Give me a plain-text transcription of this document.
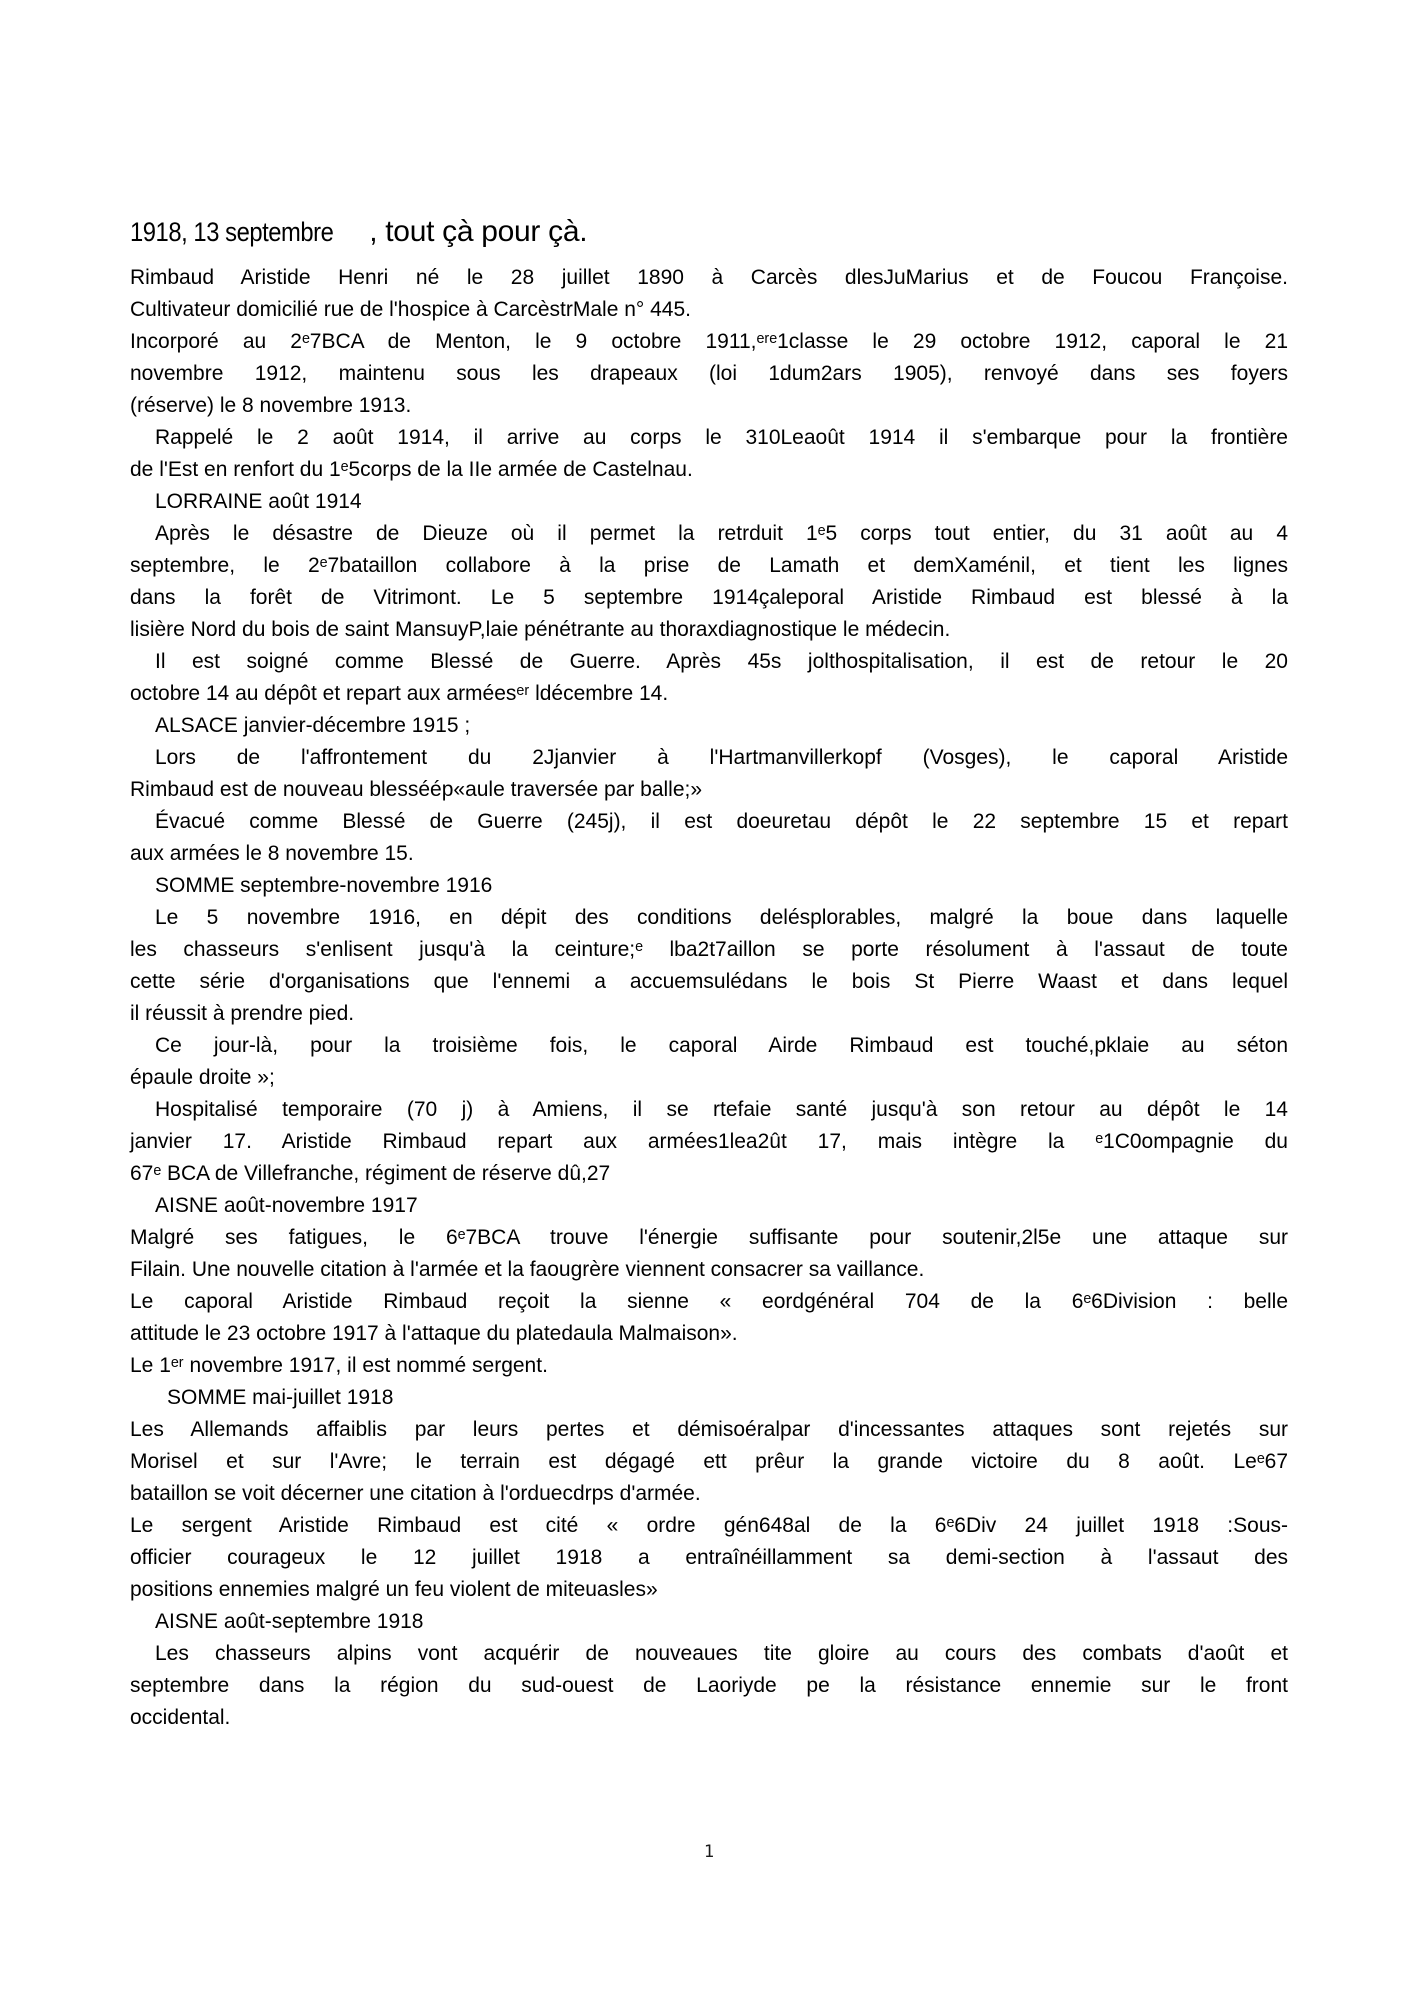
1918, 13 septembre , tout çà pour çà.
Rimbaud Aristide Henri né le 28 juillet 1890 à Carcès dlesJuMarius et de Foucou Françoise.
Cultivateur domicilié rue de l'hospice à CarcèstrMale n° 445.
Incorporé au 2ᵉ7BCA de Menton, le 9 octobre 1911,ᵉʳᵉ1classe le 29 octobre 1912, caporal le 21
novembre 1912, maintenu sous les drapeaux (loi 1dum2ars 1905), renvoyé dans ses foyers
(réserve) le 8 novembre 1913.
Rappelé le 2 août 1914, il arrive au corps le 310Leaoût 1914 il s'embarque pour la frontière
de l'Est en renfort du 1ᵉ5corps de la IIe armée de Castelnau.
LORRAINE août 1914
Après le désastre de Dieuze où il permet la retrduit 1ᵉ5 corps tout entier, du 31 août au 4
septembre, le 2ᵉ7bataillon collabore à la prise de Lamath et demXaménil, et tient les lignes
dans la forêt de Vitrimont. Le 5 septembre 1914çaleporal Aristide Rimbaud est blessé à la
lisière Nord du bois de saint MansuyP,laie pénétrante au thoraxdiagnostique le médecin.
Il est soigné comme Blessé de Guerre. Après 45s jolthospitalisation, il est de retour le 20
octobre 14 au dépôt et repart aux arméesᵉʳ ldécembre 14.
ALSACE janvier-décembre 1915 ;
Lors de l'affrontement du 2Jjanvier à l'Hartmanvillerkopf (Vosges), le caporal Aristide
Rimbaud est de nouveau blesséép«aule traversée par balle;»
Évacué comme Blessé de Guerre (245j), il est doeuretau dépôt le 22 septembre 15 et repart
aux armées le 8 novembre 15.
SOMME septembre-novembre 1916
Le 5 novembre 1916, en dépit des conditions delésplorables, malgré la boue dans laquelle
les chasseurs s'enlisent jusqu'à la ceinture;ᵉ lba2t7aillon se porte résolument à l'assaut de toute
cette série d'organisations que l'ennemi a accuemsulédans le bois St Pierre Waast et dans lequel
il réussit à prendre pied.
Ce jour-là, pour la troisième fois, le caporal Airde Rimbaud est touché,pklaie au séton
épaule droite »;
Hospitalisé temporaire (70 j) à Amiens, il se rtefaie santé jusqu'à son retour au dépôt le 14
janvier 17. Aristide Rimbaud repart aux armées1lea2ût 17, mais intègre la ᵉ1C0ompagnie du
67ᵉ BCA de Villefranche, régiment de réserve dû,27
AISNE août-novembre 1917
Malgré ses fatigues, le 6ᵉ7BCA trouve l'énergie suffisante pour soutenir,2l5e une attaque sur
Filain. Une nouvelle citation à l'armée et la faougrère viennent consacrer sa vaillance.
Le caporal Aristide Rimbaud reçoit la sienne « eordgénéral 704 de la 6ᵉ6Division : belle
attitude le 23 octobre 1917 à l'attaque du platedaula Malmaison».
Le 1ᵉʳ novembre 1917, il est nommé sergent.
SOMME mai-juillet 1918
Les Allemands affaiblis par leurs pertes et démisoéralpar d'incessantes attaques sont rejetés sur
Morisel et sur l'Avre; le terrain est dégagé ett prêur la grande victoire du 8 août. Leᵉ67
bataillon se voit décerner une citation à l'orduecdrps d'armée.
Le sergent Aristide Rimbaud est cité « ordre gén648al de la 6ᵉ6Div 24 juillet 1918 :Sous-
officier courageux le 12 juillet 1918 a entraînéillamment sa demi-section à l'assaut des
positions ennemies malgré un feu violent de miteuasles»
AISNE août-septembre 1918
Les chasseurs alpins vont acquérir de nouveaues tite gloire au cours des combats d'août et
septembre dans la région du sud-ouest de Laoriyde pe la résistance ennemie sur le front
occidental.
1
